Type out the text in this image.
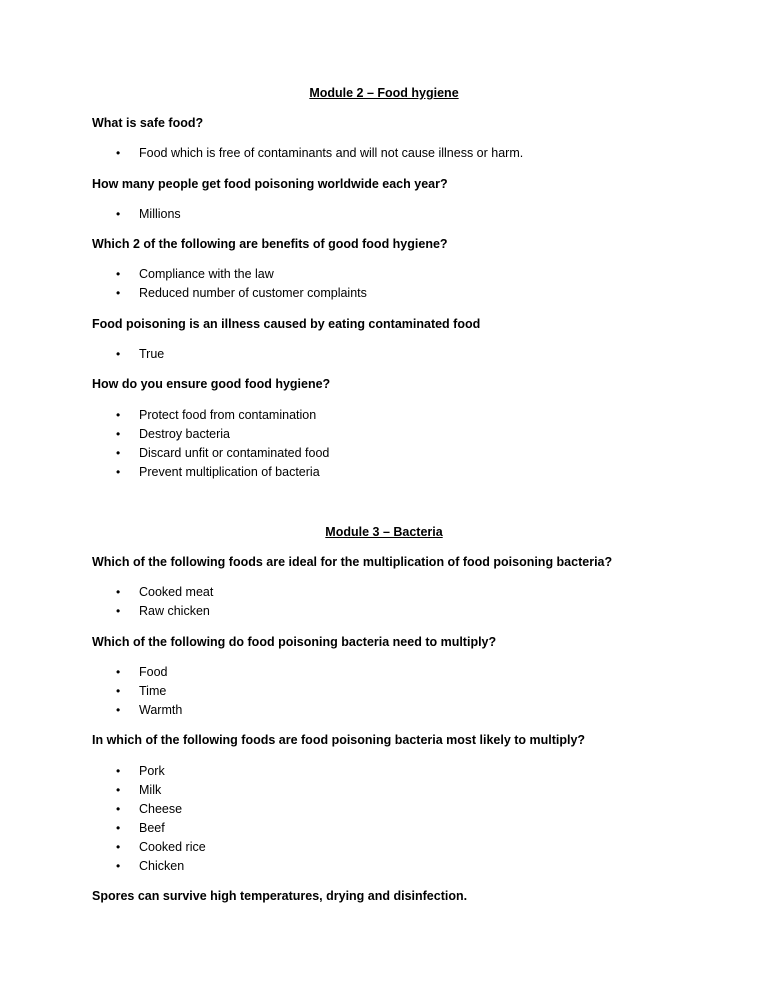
Module 2 – Food hygiene
What is safe food?
• Food which is free of contaminants and will not cause illness or harm.
How many people get food poisoning worldwide each year?
• Millions
Which 2 of the following are benefits of good food hygiene?
• Compliance with the law
• Reduced number of customer complaints
Food poisoning is an illness caused by eating contaminated food
• True
How do you ensure good food hygiene?
• Protect food from contamination
• Destroy bacteria
• Discard unfit or contaminated food
• Prevent multiplication of bacteria
Module 3 – Bacteria
Which of the following foods are ideal for the multiplication of food poisoning bacteria?
• Cooked meat
• Raw chicken
Which of the following do food poisoning bacteria need to multiply?
• Food
• Time
• Warmth
In which of the following foods are food poisoning bacteria most likely to multiply?
• Pork
• Milk
• Cheese
• Beef
• Cooked rice
• Chicken
Spores can survive high temperatures, drying and disinfection.
